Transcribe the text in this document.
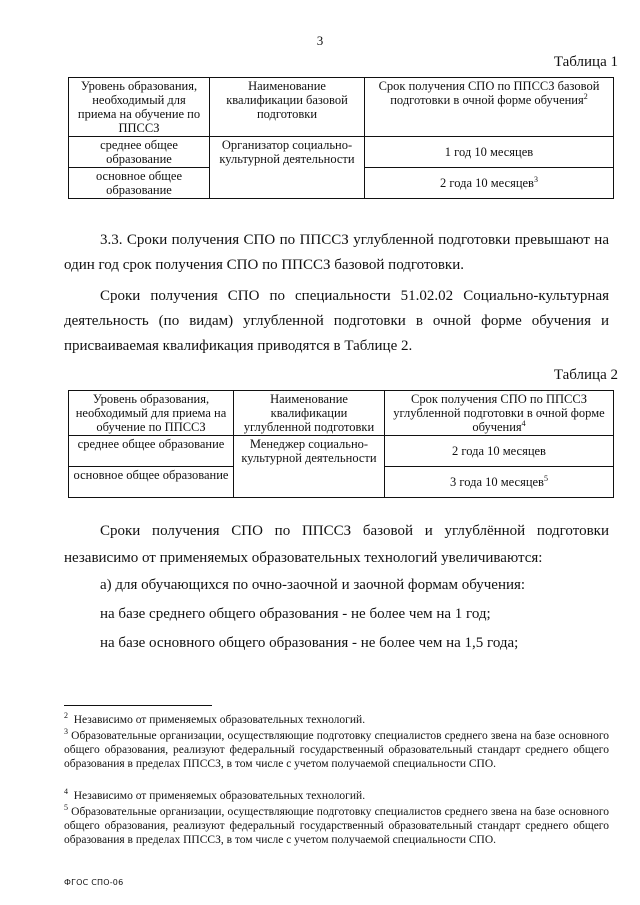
3
Таблица 1
Уровень образования, необходимый для приема на обучение по ППССЗ	Наименование квалификации базовой подготовки	Срок получения СПО по ППССЗ базовой подготовки в очной форме обучения$^2$
среднее общее образование	Организатор социально-культурной деятельности	1 год 10 месяцев
основное общее образование		2 года 10 месяцев$^3$
3.3. Сроки получения СПО по ППССЗ углубленной подготовки превышают на один год срок получения СПО по ППССЗ базовой подготовки.
Сроки получения СПО по специальности 51.02.02 Социально-культурная деятельность (по видам) углубленной подготовки в очной форме обучения и присваиваемая квалификация приводятся в Таблице 2.
Таблица 2
Уровень образования, необходимый для приема на обучение по ППССЗ	Наименование квалификации углубленной подготовки	Срок получения СПО по ППССЗ углубленной подготовки в очной форме обучения$^4$
среднее общее образование	Менеджер социально-культурной деятельности	2 года 10 месяцев
основное общее образование		3 года 10 месяцев$^5$
Сроки получения СПО по ППССЗ базовой и углублённой подготовки независимо от применяемых образовательных технологий увеличиваются:
а) для обучающихся по очно-заочной и заочной формам обучения:
на базе среднего общего образования - не более чем на 1 год;
на базе основного общего образования - не более чем на 1,5 года;
$^2$ Независимо от применяемых образовательных технологий.
$^3$ Образовательные организации, осуществляющие подготовку специалистов среднего звена на базе основного общего образования, реализуют федеральный государственный образовательный стандарт среднего общего образования в пределах ППССЗ, в том числе с учетом получаемой специальности СПО.
$^4$ Независимо от применяемых образовательных технологий.
$^5$ Образовательные организации, осуществляющие подготовку специалистов среднего звена на базе основного общего образования, реализуют федеральный государственный образовательный стандарт среднего общего образования в пределах ППССЗ, в том числе с учетом получаемой специальности СПО.
ФГОС СПО-06
